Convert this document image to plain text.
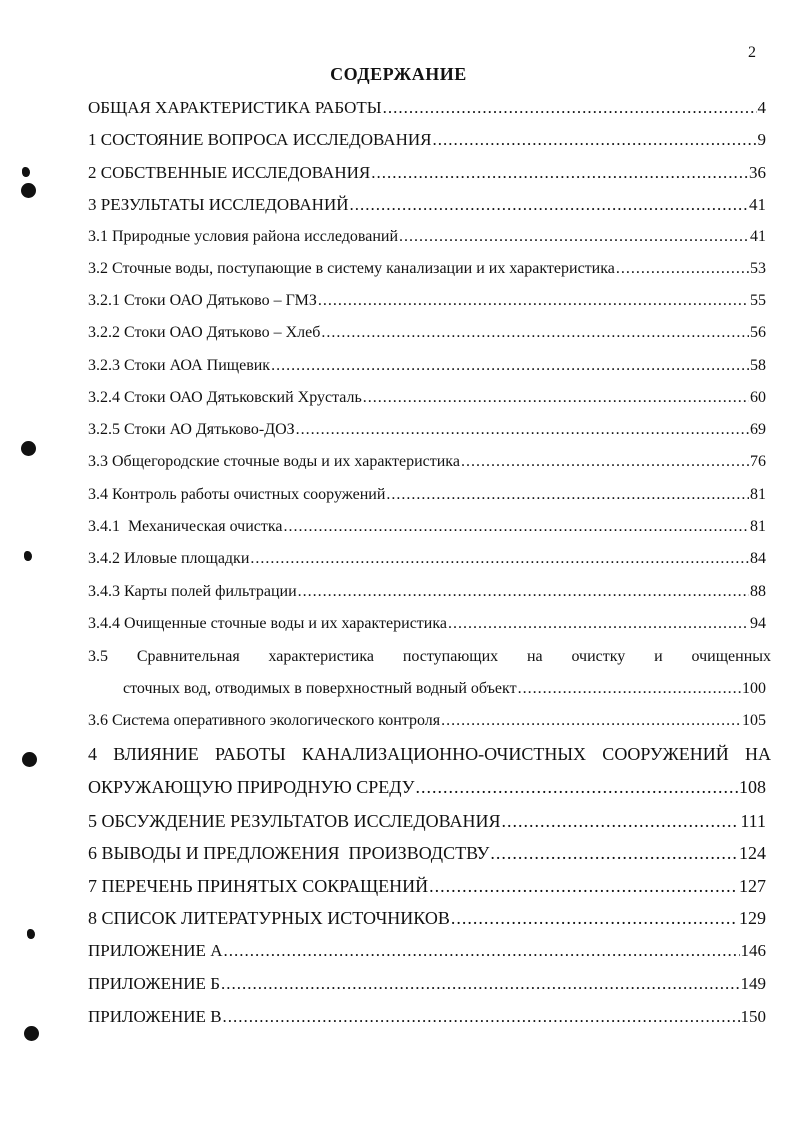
2
СОДЕРЖАНИЕ
ОБЩАЯ ХАРАКТЕРИСТИКА РАБОТЫ .....	4
1 СОСТОЯНИЕ ВОПРОСА ИССЛЕДОВАНИЯ .....	9
2 СОБСТВЕННЫЕ ИССЛЕДОВАНИЯ .....	36
3 РЕЗУЛЬТАТЫ ИССЛЕДОВАНИЙ .....	41
3.1 Природные условия района исследований .....	41
3.2 Сточные воды, поступающие в систему канализации и их характеристика .....	53
3.2.1 Стоки ОАО Дятьково – ГМЗ .....	55
3.2.2 Стоки ОАО Дятьково – Хлеб .....	56
3.2.3 Стоки АОА Пищевик .....	58
3.2.4 Стоки ОАО Дятьковский Хрусталь .....	60
3.2.5 Стоки АО Дятьково-ДОЗ .....	69
3.3 Общегородские сточные воды и их характеристика .....	76
3.4 Контроль работы очистных сооружений .....	81
3.4.1  Механическая очистка .....	81
3.4.2 Иловые площадки .....	84
3.4.3 Карты полей фильтрации .....	88
3.4.4 Очищенные сточные воды и их характеристика .....	94
3.5 Сравнительная характеристика поступающих на очистку и очищенных
сточных вод, отводимых в поверхностный водный объект .....	100
3.6 Система оперативного экологического контроля .....	105
4 ВЛИЯНИЕ РАБОТЫ КАНАЛИЗАЦИОННО-ОЧИСТНЫХ СООРУЖЕНИЙ НА
ОКРУЖАЮЩУЮ ПРИРОДНУЮ СРЕДУ .....	108
5 ОБСУЖДЕНИЕ РЕЗУЛЬТАТОВ ИССЛЕДОВАНИЯ .....	111
6 ВЫВОДЫ И ПРЕДЛОЖЕНИЯ  ПРОИЗВОДСТВУ .....	124
7 ПЕРЕЧЕНЬ ПРИНЯТЫХ СОКРАЩЕНИЙ .....	127
8 СПИСОК ЛИТЕРАТУРНЫХ ИСТОЧНИКОВ .....	129
ПРИЛОЖЕНИЕ А .....	146
ПРИЛОЖЕНИЕ Б .....	149
ПРИЛОЖЕНИЕ В .....	150
